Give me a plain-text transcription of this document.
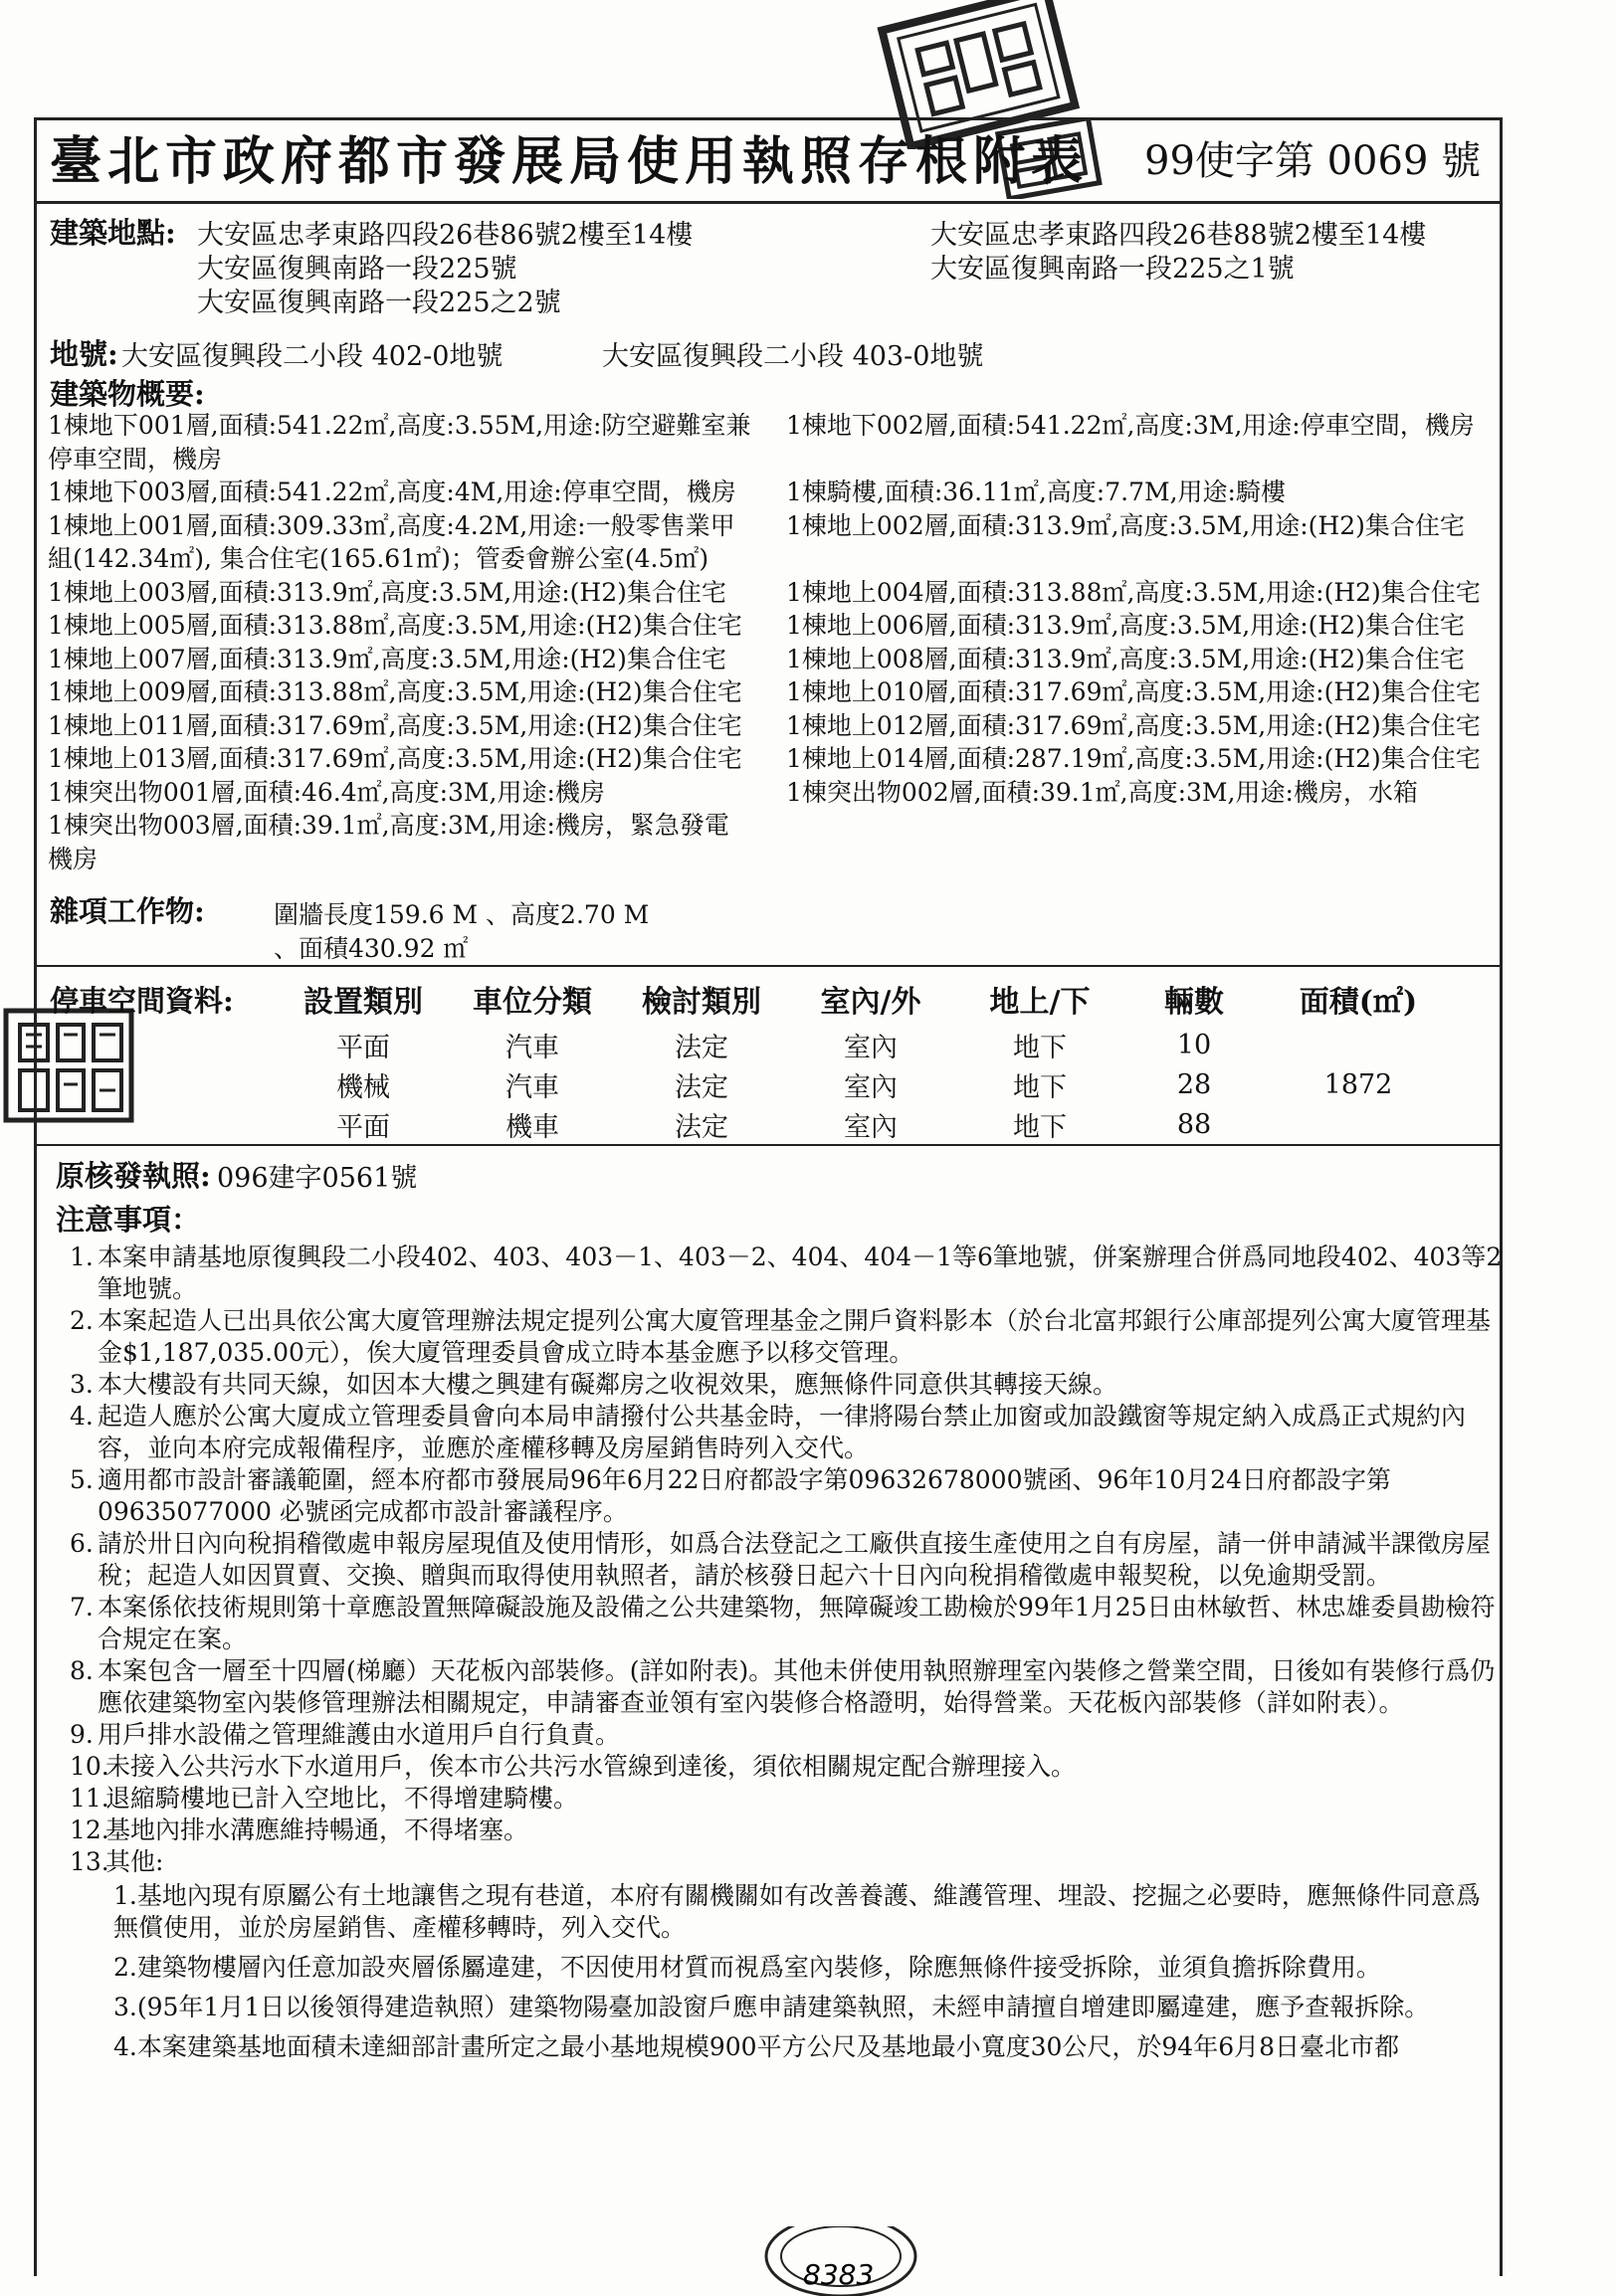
8383
臺北市政府都市發展局使用執照存根附表 99使字第 0069 號
建築地點: 大安區忠孝東路四段26巷86號2樓至14樓
大安區復興南路一段225號
大安區復興南路一段225之2號
大安區忠孝東路四段26巷88號2樓至14樓
大安區復興南路一段225之1號
地號: 大安區復興段二小段 402-0地號	大安區復興段二小段 403-0地號
建築物概要:
1棟地下001層,面積:541.22㎡,高度:3.55M,用途:防空避難室兼 1棟地下002層,面積:541.22㎡,高度:3M,用途:停車空間，機房
停車空間，機房
1棟地下003層,面積:541.22㎡,高度:4M,用途:停車空間，機房 1棟騎樓,面積:36.11㎡,高度:7.7M,用途:騎樓
1棟地上001層,面積:309.33㎡,高度:4.2M,用途:一般零售業甲 1棟地上002層,面積:313.9㎡,高度:3.5M,用途:(H2)集合住宅
組(142.34㎡), 集合住宅(165.61㎡)；管委會辦公室(4.5㎡)
1棟地上003層,面積:313.9㎡,高度:3.5M,用途:(H2)集合住宅 1棟地上004層,面積:313.88㎡,高度:3.5M,用途:(H2)集合住宅
1棟地上005層,面積:313.88㎡,高度:3.5M,用途:(H2)集合住宅 1棟地上006層,面積:313.9㎡,高度:3.5M,用途:(H2)集合住宅
1棟地上007層,面積:313.9㎡,高度:3.5M,用途:(H2)集合住宅 1棟地上008層,面積:313.9㎡,高度:3.5M,用途:(H2)集合住宅
1棟地上009層,面積:313.88㎡,高度:3.5M,用途:(H2)集合住宅 1棟地上010層,面積:317.69㎡,高度:3.5M,用途:(H2)集合住宅
1棟地上011層,面積:317.69㎡,高度:3.5M,用途:(H2)集合住宅 1棟地上012層,面積:317.69㎡,高度:3.5M,用途:(H2)集合住宅
1棟地上013層,面積:317.69㎡,高度:3.5M,用途:(H2)集合住宅 1棟地上014層,面積:287.19㎡,高度:3.5M,用途:(H2)集合住宅
1棟突出物001層,面積:46.4㎡,高度:3M,用途:機房	1棟突出物002層,面積:39.1㎡,高度:3M,用途:機房，水箱
1棟突出物003層,面積:39.1㎡,高度:3M,用途:機房，緊急發電
機房
雜項工作物:	圍牆長度159.6 M 、高度2.70 M
、面積430.92 ㎡
停車空間資料: 設置類別	車位分類	檢討類別	室內/外	地上/下	輛數	面積(㎡)
平面	汽車	法定	室內	地下	10	
機械	汽車	法定	室內	地下	28	1872
平面	機車	法定	室內	地下	88	
原核發執照: 096建字0561號
注意事項：
1. 本案申請基地原復興段二小段402、403、403－1、403－2、404、404－1等6筆地號，併案辦理合併爲同地段402、403等2筆地號。
2. 本案起造人已出具依公寓大廈管理辦法規定提列公寓大廈管理基金之開戶資料影本（於台北富邦銀行公庫部提列公寓大廈管理基金$1,187,035.00元），俟大廈管理委員會成立時本基金應予以移交管理。
3. 本大樓設有共同天線，如因本大樓之興建有礙鄰房之收視效果，應無條件同意供其轉接天線。
4. 起造人應於公寓大廈成立管理委員會向本局申請撥付公共基金時，一律將陽台禁止加窗或加設鐵窗等規定納入成爲正式規約內容，並向本府完成報備程序，並應於產權移轉及房屋銷售時列入交代。
5. 適用都市設計審議範圍，經本府都市發展局96年6月22日府都設字第09632678000號函、96年10月24日府都設字第09635077000 必號函完成都市設計審議程序。
6. 請於卅日內向稅捐稽徵處申報房屋現值及使用情形，如爲合法登記之工廠供直接生產使用之自有房屋，請一併申請減半課徵房屋稅；起造人如因買賣、交換、贈與而取得使用執照者，請於核發日起六十日內向稅捐稽徵處申報契稅，以免逾期受罰。
7. 本案係依技術規則第十章應設置無障礙設施及設備之公共建築物，無障礙竣工勘檢於99年1月25日由林敏哲、林忠雄委員勘檢符合規定在案。
8. 本案包含一層至十四層(梯廳）天花板內部裝修。(詳如附表)。其他未併使用執照辦理室內裝修之營業空間，日後如有裝修行爲仍應依建築物室內裝修管理辦法相關規定，申請審查並領有室內裝修合格證明，始得營業。天花板內部裝修（詳如附表）。
9. 用戶排水設備之管理維護由水道用戶自行負責。
10.
未接入公共污水下水道用戶，俟本市公共污水管線到達後，須依相關規定配合辦理接入。
11.
退縮騎樓地已計入空地比，不得增建騎樓。
12.
基地內排水溝應維持暢通，不得堵塞。
13.
其他:
1.基地內現有原屬公有土地讓售之現有巷道，本府有關機關如有改善養護、維護管理、埋設、挖掘之必要時，應無條件同意爲無償使用，並於房屋銷售、產權移轉時，列入交代。
2.建築物樓層內任意加設夾層係屬違建，不因使用材質而視爲室內裝修，除應無條件接受拆除，並須負擔拆除費用。
3.(95年1月1日以後領得建造執照）建築物陽臺加設窗戶應申請建築執照，未經申請擅自增建即屬違建，應予查報拆除。
4.本案建築基地面積未達細部計畫所定之最小基地規模900平方公尺及基地最小寬度30公尺，於94年6月8日臺北市都
